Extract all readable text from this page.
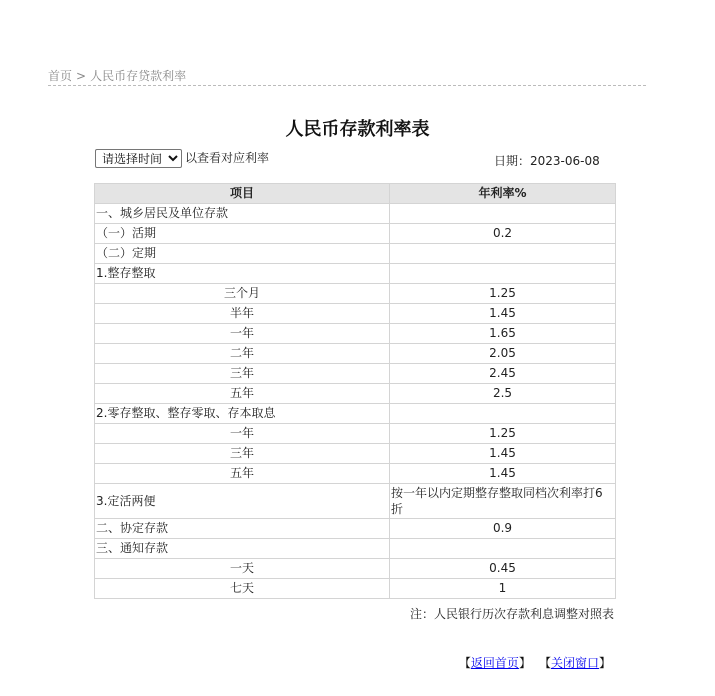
首页 > 人民币存贷款利率
人民币存款利率表
请选择时间以查看对应利率	日期：2023-06-08
项目	年利率%
一、城乡居民及单位存款	
（一）活期	0.2
（二）定期	
1.整存整取	
三个月	1.25
半年	1.45
一年	1.65
二年	2.05
三年	2.45
五年	2.5
2.零存整取、整存零取、存本取息	
一年	1.25
三年	1.45
五年	1.45
3.定活两便	按一年以内定期整存整取同档次利率打6折
二、协定存款	0.9
三、通知存款	
一天	0.45
七天	1
注：人民银行历次存款利息调整对照表
【返回首页】 【关闭窗口】
